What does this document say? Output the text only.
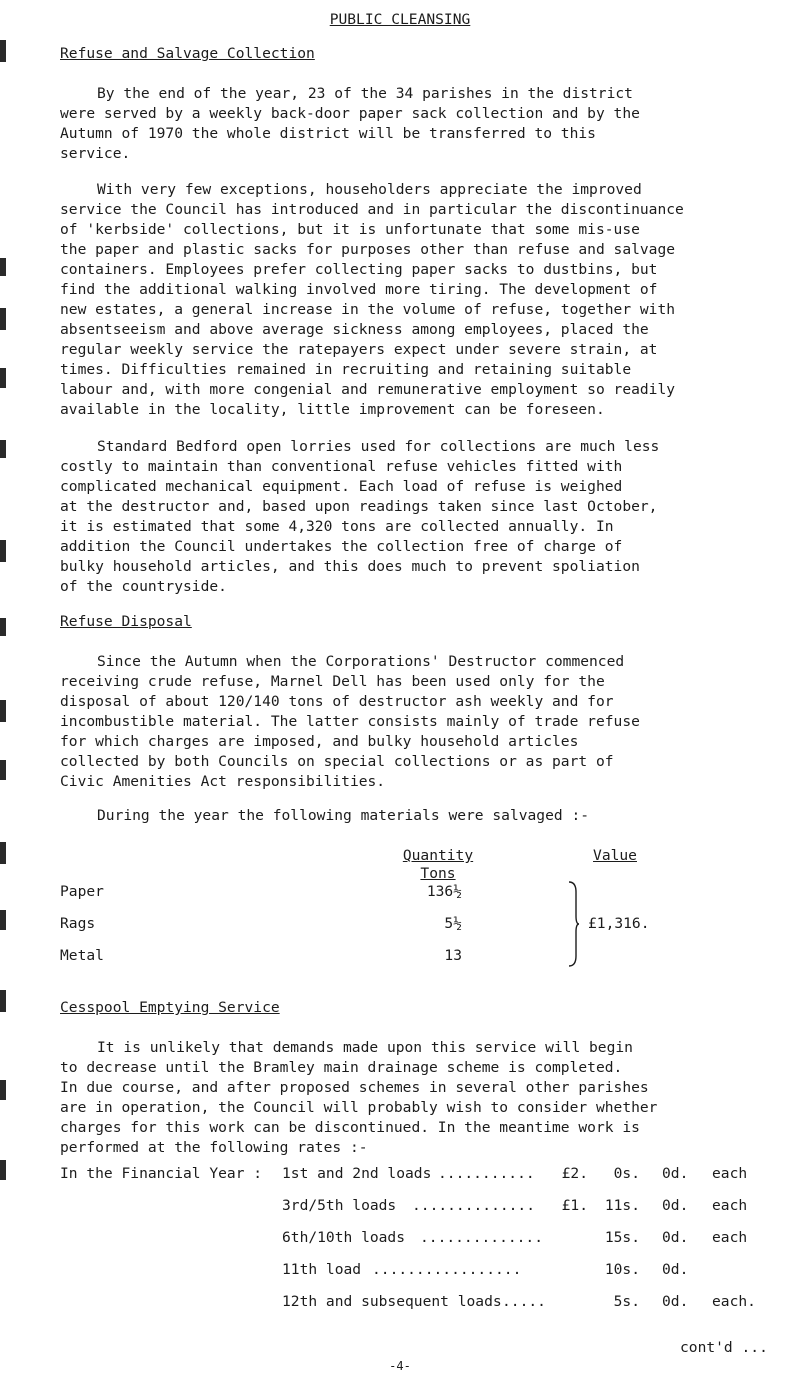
PUBLIC CLEANSING
Refuse and Salvage Collection
By the end of the year, 23 of the 34 parishes in the district
were served by a weekly back-door paper sack collection and by the
Autumn of 1970 the whole district will be transferred to this
service.
With very few exceptions, householders appreciate the improved
service the Council has introduced and in particular the discontinuance
of 'kerbside' collections, but it is unfortunate that some mis-use
the paper and plastic sacks for purposes other than refuse and salvage
containers. Employees prefer collecting paper sacks to dustbins, but
find the additional walking involved more tiring. The development of
new estates, a general increase in the volume of refuse, together with
absentseeism and above average sickness among employees, placed the
regular weekly service the ratepayers expect under severe strain, at
times. Difficulties remained in recruiting and retaining suitable
labour and, with more congenial and remunerative employment so readily
available in the locality, little improvement can be foreseen.
Standard Bedford open lorries used for collections are much less
costly to maintain than conventional refuse vehicles fitted with
complicated mechanical equipment. Each load of refuse is weighed
at the destructor and, based upon readings taken since last October,
it is estimated that some 4,320 tons are collected annually. In
addition the Council undertakes the collection free of charge of
bulky household articles, and this does much to prevent spoliation
of the countryside.
Refuse Disposal
Since the Autumn when the Corporations' Destructor commenced
receiving crude refuse, Marnel Dell has been used only for the
disposal of about 120/140 tons of destructor ash weekly and for
incombustible material. The latter consists mainly of trade refuse
for which charges are imposed, and bulky household articles
collected by both Councils on special collections or as part of
Civic Amenities Act responsibilities.
During the year the following materials were salvaged :-
Quantity	Value
Tons
Paper	136½
Rags	5½
Metal	13
£1,316.
Cesspool Emptying Service
It is unlikely that demands made upon this service will begin
to decrease until the Bramley main drainage scheme is completed.
In due course, and after proposed schemes in several other parishes
are in operation, the Council will probably wish to consider whether
charges for this work can be discontinued. In the meantime work is
performed at the following rates :-
In the Financial Year : 1st and 2nd loads ...........	£2.	0s. 0d. each
3rd/5th loads ..............	£1.	11s. 0d. each
6th/10th loads ..............	15s. 0d. each
11th load .................	10s. 0d.
12th and subsequent loads .....	5s. 0d. each.
cont'd ...
-4-
